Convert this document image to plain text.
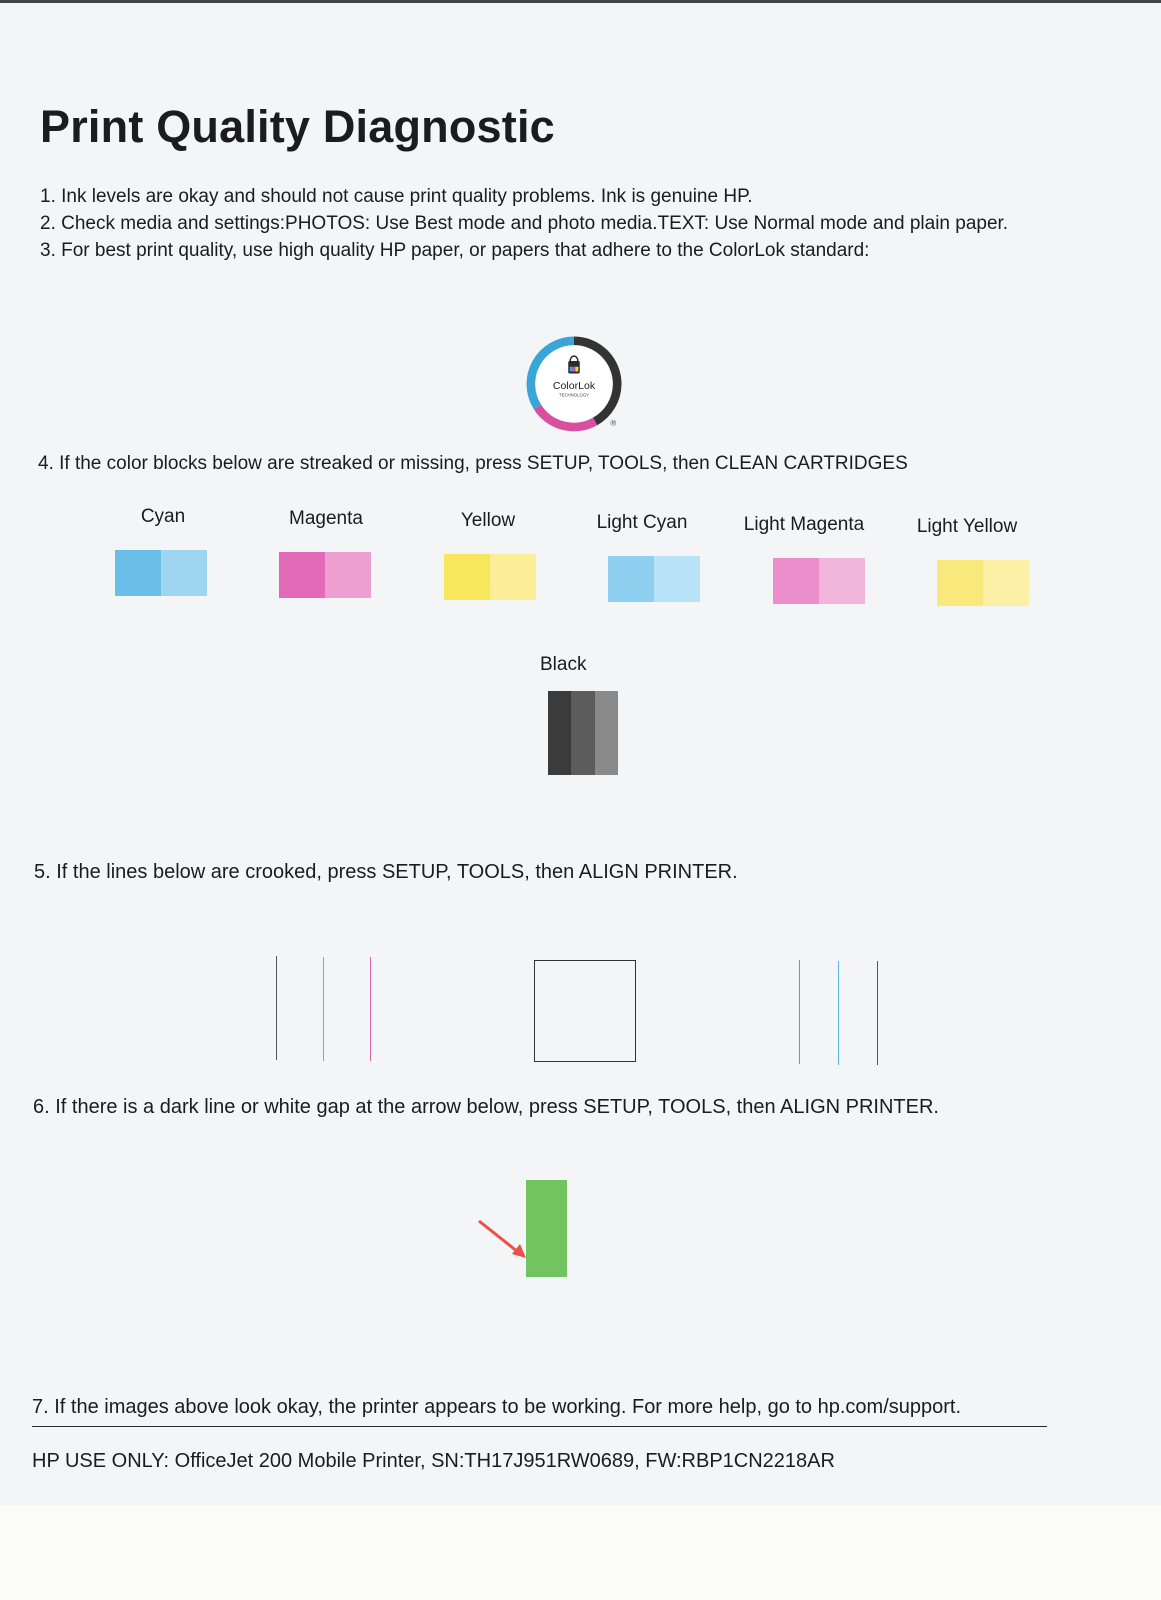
Print Quality Diagnostic
1. Ink levels are okay and should not cause print quality problems. Ink is genuine HP.
2. Check media and settings:PHOTOS: Use Best mode and photo media.TEXT: Use Normal mode and plain paper.
3. For best print quality, use high quality HP paper, or papers that adhere to the ColorLok standard:
ColorLok
TECHNOLOGY
®
4. If the color blocks below are streaked or missing, press SETUP, TOOLS, then CLEAN CARTRIDGES
Cyan	Magenta	Yellow	Light Cyan	Light Magenta	Light Yellow
Black
5. If the lines below are crooked, press SETUP, TOOLS, then ALIGN PRINTER.
6. If there is a dark line or white gap at the arrow below, press SETUP, TOOLS, then ALIGN PRINTER.
7. If the images above look okay, the printer appears to be working. For more help, go to hp.com/support.
HP USE ONLY: OfficeJet 200 Mobile Printer, SN:TH17J951RW0689, FW:RBP1CN2218AR
